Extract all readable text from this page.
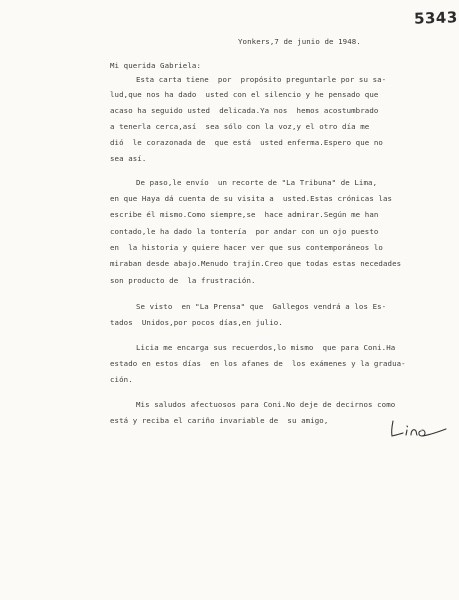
5343
Yonkers,7 de junio de 1948.
Mi querida Gabriela:
Esta carta tiene  por  propósito preguntarle por su sa-
lud,que nos ha dado  usted con el silencio y he pensado que
acaso ha seguido usted  delicada.Ya nos  hemos acostumbrado
a tenerla cerca,así  sea sólo con la voz,y el otro día me
dió  le corazonada de  que está  usted enferma.Espero que no
sea así.
De paso,le envío  un recorte de "La Tribuna" de Lima,
en que Haya dá cuenta de su visita a  usted.Estas crónicas las
escribe él mismo.Como siempre,se  hace admirar.Según me han
contado,le ha dado la tontería  por andar con un ojo puesto
en  la historia y quiere hacer ver que sus contemporáneos lo
miraban desde abajo.Menudo trajín.Creo que todas estas necedades
son producto de  la frustración.
Se visto  en "La Prensa" que  Gallegos vendrá a los Es-
tados  Unidos,por pocos días,en julio.
Licia me encarga sus recuerdos,lo mismo  que para Coni.Ha
estado en estos días  en los afanes de  los exámenes y la gradua-
ción.
Mis saludos afectuosos para Coni.No deje de decirnos como
está y reciba el cariño invariable de  su amigo,
